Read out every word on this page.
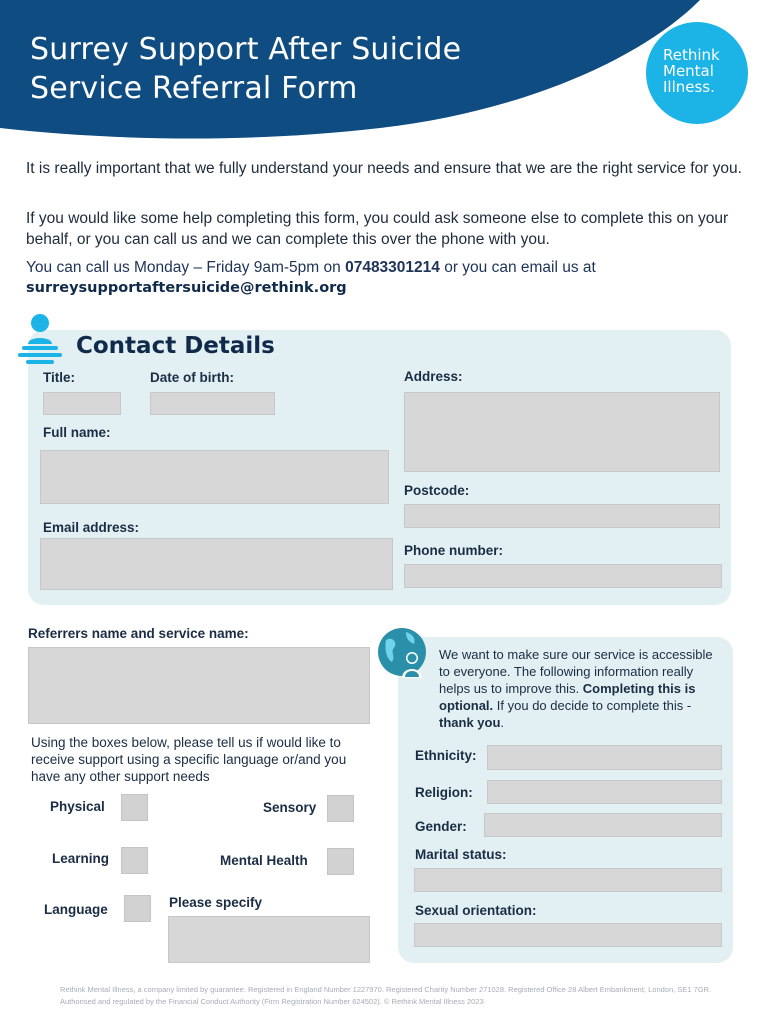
Surrey Support After Suicide
Service Referral Form
Rethink
Mental
Illness.

It is really important that we fully understand your needs and ensure that we are the right service for you.

If you would like some help completing this form, you could ask someone else to complete this on your behalf, or you can call us and we can complete this over the phone with you.

You can call us Monday – Friday 9am-5pm on 07483301214 or you can email us at
surreysupportaftersuicide@rethink.org

Contact Details
Title:	Date of birth:	Address:
Full name:
Postcode:
Email address:
Phone number:
Referrers name and service name:

Using the boxes below, please tell us if would like to receive support using a specific language or/and you have any other support needs

Physical	Sensory
Learning	Mental Health
Language	Please specify

We want to make sure our service is accessible to everyone. The following information really helps us to improve this. Completing this is optional. If you do decide to complete this - thank you.

Ethnicity:
Religion:
Gender:
Marital status:
Sexual orientation:
Rethink Mental Illness, a company limited by guarantee. Registered in England Number 1227970. Registered Charity Number 271028. Registered Office 28 Albert Embankment, London, SE1 7GR.
Authorised and regulated by the Financial Conduct Authority (Firm Registration Number 624502). © Rethink Mental Illness 2023
